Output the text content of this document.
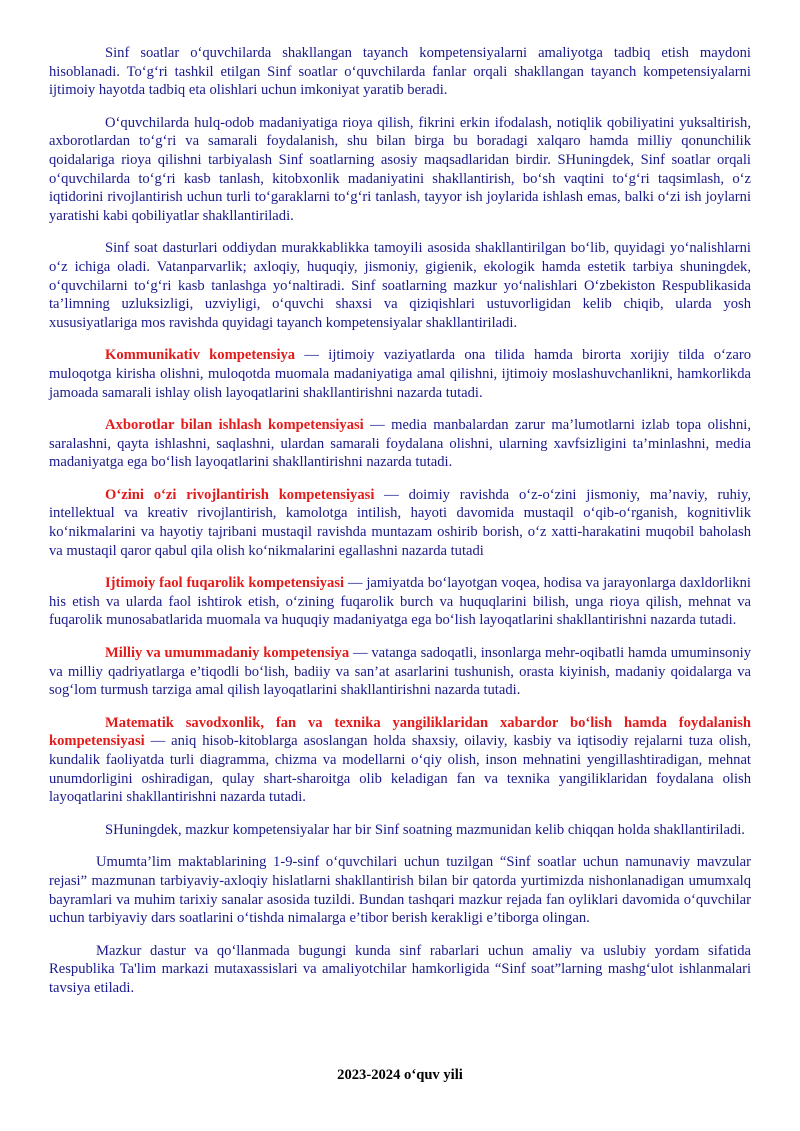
Sinf soatlar o‘quvchilarda shakllangan tayanch kompetensiyalarni amaliyotga tadbiq etish maydoni hisoblanadi. To‘g‘ri tashkil etilgan Sinf soatlar o‘quvchilarda fanlar orqali shakllangan tayanch kompetensiyalarni ijtimoiy hayotda tadbiq eta olishlari uchun imkoniyat yaratib beradi.

O‘quvchilarda hulq-odob madaniyatiga rioya qilish, fikrini erkin ifodalash, notiqlik qobiliyatini yuksaltirish, axborotlardan to‘g‘ri va samarali foydalanish, shu bilan birga bu boradagi xalqaro hamda milliy qonunchilik qoidalariga rioya qilishni tarbiyalash Sinf soatlarning asosiy maqsadlaridan birdir. SHuningdek, Sinf soatlar orqali o‘quvchilarda to‘g‘ri kasb tanlash, kitobxonlik madaniyatini shakllantirish, bo‘sh vaqtini to‘g‘ri taqsimlash, o‘z iqtidorini rivojlantirish uchun turli to‘garaklarni to‘g‘ri tanlash, tayyor ish joylarida ishlash emas, balki o‘zi ish joylarni yaratishi kabi qobiliyatlar shakllantiriladi.

Sinf soat dasturlari oddiydan murakkablikka tamoyili asosida shakllantirilgan bo‘lib, quyidagi yo‘nalishlarni o‘z ichiga oladi. Vatanparvarlik; axloqiy, huquqiy, jismoniy, gigienik, ekologik hamda estetik tarbiya shuningdek, o‘quvchilarni to‘g‘ri kasb tanlashga yo‘naltiradi. Sinf soatlarning mazkur yo‘nalishlari O‘zbekiston Respublikasida ta’limning uzluksizligi, uzviyligi, o‘quvchi shaxsi va qiziqishlari ustuvorligidan kelib chiqib, ularda yosh xususiyatlariga mos ravishda quyidagi tayanch kompetensiyalar shakllantiriladi.

Kommunikativ kompetensiya — ijtimoiy vaziyatlarda ona tilida hamda birorta xorijiy tilda o‘zaro muloqotga kirisha olishni, muloqotda muomala madaniyatiga amal qilishni, ijtimoiy moslashuvchanlikni, hamkorlikda jamoada samarali ishlay olish layoqatlarini shakllantirishni nazarda tutadi.

Axborotlar bilan ishlash kompetensiyasi — media manbalardan zarur ma’lumotlarni izlab topa olishni, saralashni, qayta ishlashni, saqlashni, ulardan samarali foydalana olishni, ularning xavfsizligini ta’minlashni, media madaniyatga ega bo‘lish layoqatlarini shakllantirishni nazarda tutadi.

O‘zini o‘zi rivojlantirish kompetensiyasi — doimiy ravishda o‘z-o‘zini jismoniy, ma’naviy, ruhiy, intellektual va kreativ rivojlantirish, kamolotga intilish, hayoti davomida mustaqil o‘qib-o‘rganish, kognitivlik ko‘nikmalarini va hayotiy tajribani mustaqil ravishda muntazam oshirib borish, o‘z xatti-harakatini muqobil baholash va mustaqil qaror qabul qila olish ko‘nikmalarini egallashni nazarda tutadi

Ijtimoiy faol fuqarolik kompetensiyasi — jamiyatda bo‘layotgan voqea, hodisa va jarayonlarga daxldorlikni his etish va ularda faol ishtirok etish, o‘zining fuqarolik burch va huquqlarini bilish, unga rioya qilish, mehnat va fuqarolik munosabatlarida muomala va huquqiy madaniyatga ega bo‘lish layoqatlarini shakllantirishni nazarda tutadi.

Milliy va umummadaniy kompetensiya — vatanga sadoqatli, insonlarga mehr-oqibatli hamda umuminsoniy va milliy qadriyatlarga e’tiqodli bo‘lish, badiiy va san’at asarlarini tushunish, orasta kiyinish, madaniy qoidalarga va sog‘lom turmush tarziga amal qilish layoqatlarini shakllantirishni nazarda tutadi.

Matematik savodxonlik, fan va texnika yangiliklaridan xabardor bo‘lish hamda foydalanish kompetensiyasi — aniq hisob-kitoblarga asoslangan holda shaxsiy, oilaviy, kasbiy va iqtisodiy rejalarni tuza olish, kundalik faoliyatda turli diagramma, chizma va modellarni o‘qiy olish, inson mehnatini yengillashtiradigan, mehnat unumdorligini oshiradigan, qulay shart-sharoitga olib keladigan fan va texnika yangiliklaridan foydalana olish layoqatlarini shakllantirishni nazarda tutadi.

SHuningdek, mazkur kompetensiyalar har bir Sinf soatning mazmunidan kelib chiqqan holda shakllantiriladi.

Umumta’lim maktablarining 1-9-sinf o‘quvchilari uchun tuzilgan “Sinf soatlar uchun namunaviy mavzular rejasi” mazmunan tarbiyaviy-axloqiy hislatlarni shakllantirish bilan bir qatorda yurtimizda nishonlanadigan umumxalq bayramlari va muhim tarixiy sanalar asosida tuzildi. Bundan tashqari mazkur rejada fan oyliklari davomida o‘quvchilar uchun tarbiyaviy dars soatlarini o‘tishda nimalarga e’tibor berish kerakligi e’tiborga olingan.

Mazkur dastur va qo‘llanmada bugungi kunda sinf rabarlari uchun amaliy va uslubiy yordam sifatida Respublika Ta'lim markazi mutaxassislari va amaliyotchilar hamkorligida “Sinf soat”larning mashg‘ulot ishlanmalari tavsiya etiladi.

2023-2024 o‘quv yili
